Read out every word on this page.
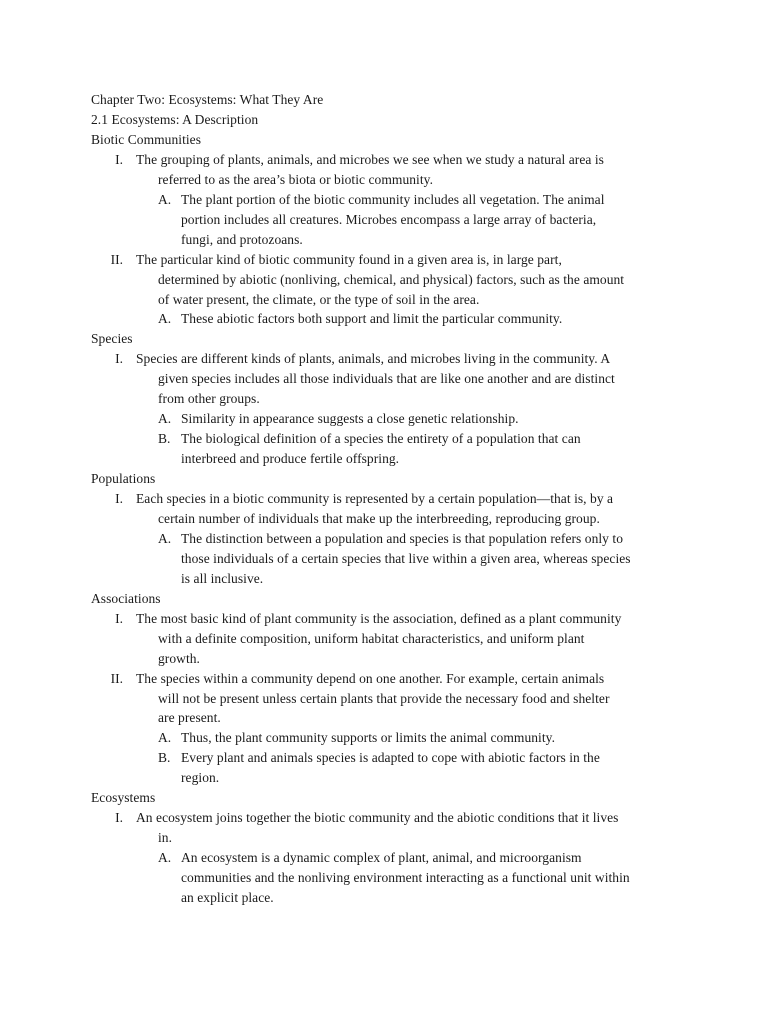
Chapter Two: Ecosystems: What They Are
2.1 Ecosystems: A Description
Biotic Communities
I. The grouping of plants, animals, and microbes we see when we study a natural area is
referred to as the area’s biota or biotic community.
A. The plant portion of the biotic community includes all vegetation. The animal
portion includes all creatures. Microbes encompass a large array of bacteria,
fungi, and protozoans.
II. The particular kind of biotic community found in a given area is, in large part,
determined by abiotic (nonliving, chemical, and physical) factors, such as the amount
of water present, the climate, or the type of soil in the area.
A. These abiotic factors both support and limit the particular community.
Species
I. Species are different kinds of plants, animals, and microbes living in the community. A
given species includes all those individuals that are like one another and are distinct
from other groups.
A. Similarity in appearance suggests a close genetic relationship.
B. The biological definition of a species the entirety of a population that can
interbreed and produce fertile offspring.
Populations
I. Each species in a biotic community is represented by a certain population—that is, by a
certain number of individuals that make up the interbreeding, reproducing group.
A. The distinction between a population and species is that population refers only to
those individuals of a certain species that live within a given area, whereas species
is all inclusive.
Associations
I. The most basic kind of plant community is the association, defined as a plant community
with a definite composition, uniform habitat characteristics, and uniform plant
growth.
II. The species within a community depend on one another. For example, certain animals
will not be present unless certain plants that provide the necessary food and shelter
are present.
A. Thus, the plant community supports or limits the animal community.
B. Every plant and animals species is adapted to cope with abiotic factors in the
region.
Ecosystems
I. An ecosystem joins together the biotic community and the abiotic conditions that it lives
in.
A. An ecosystem is a dynamic complex of plant, animal, and microorganism
communities and the nonliving environment interacting as a functional unit within
an explicit place.
